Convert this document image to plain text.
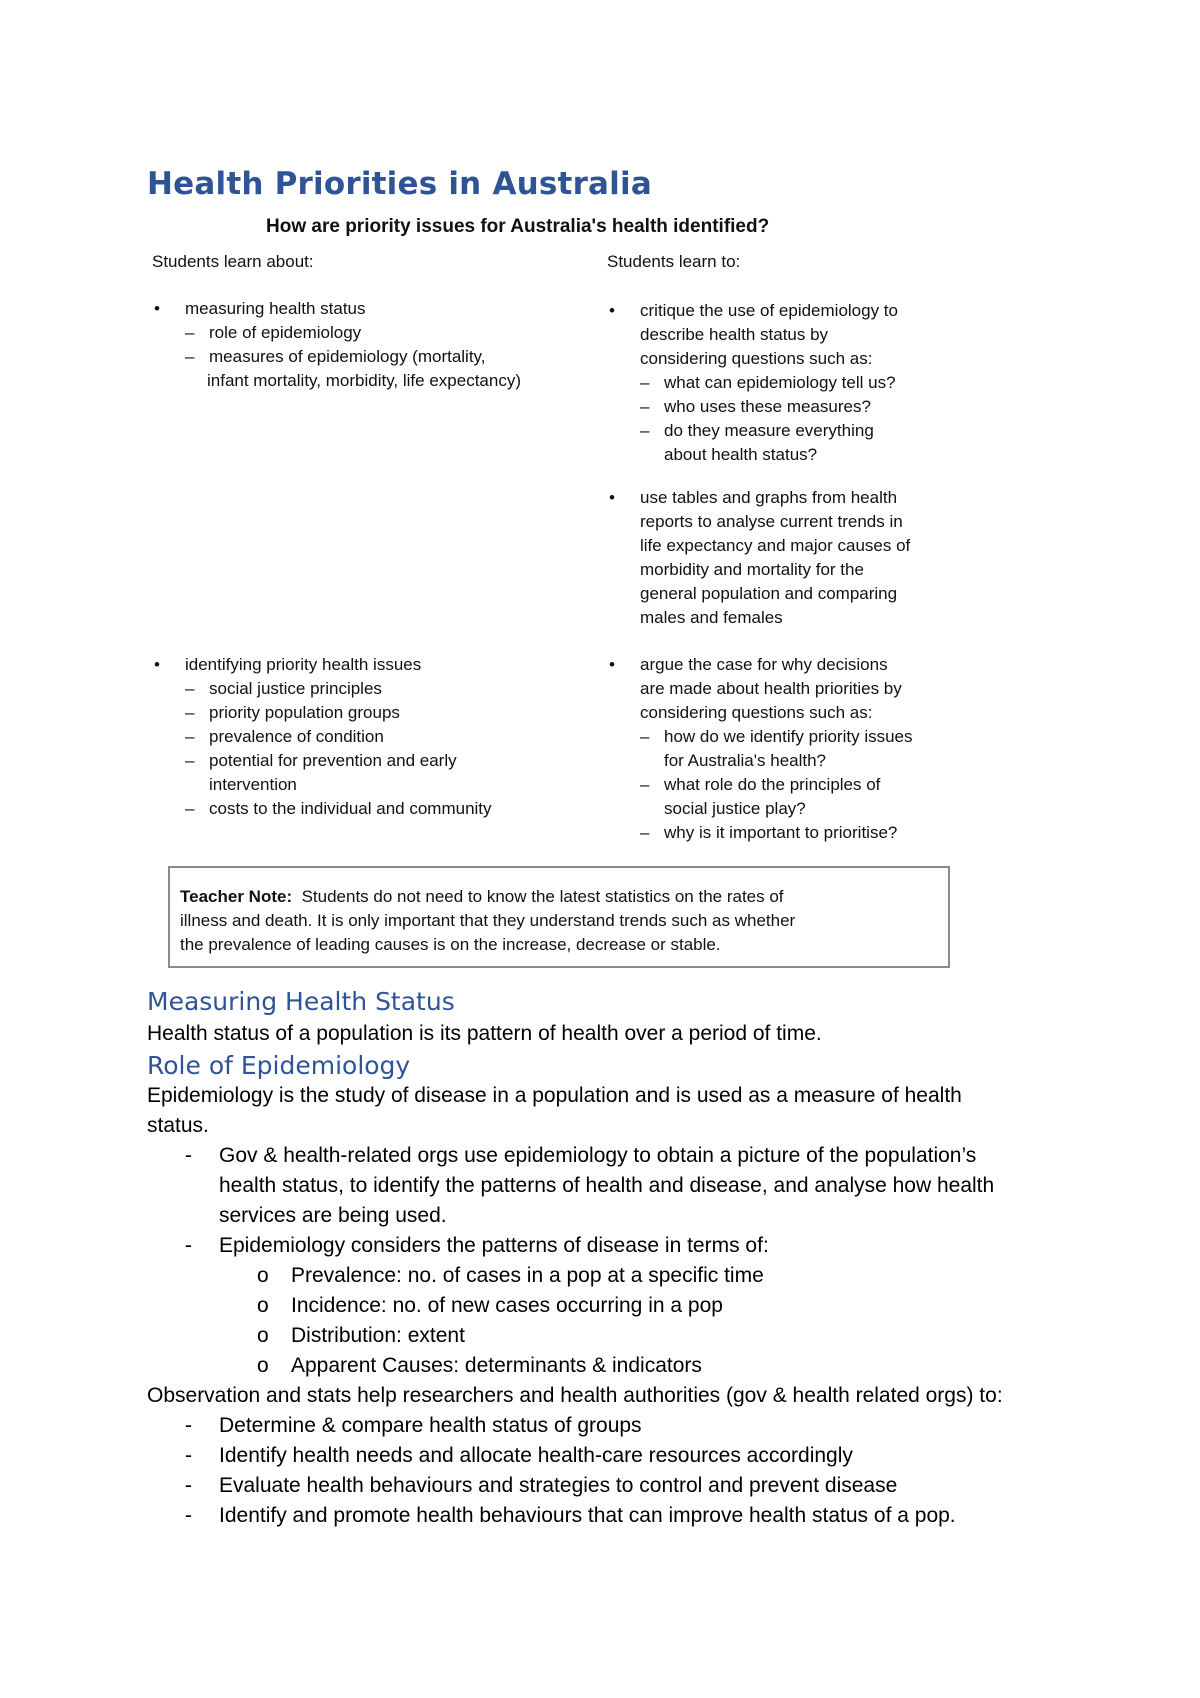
Health Priorities in Australia
How are priority issues for Australia's health identified?
Students learn about:	Students learn to:
• measuring health status
– role of epidemiology
– measures of epidemiology (mortality,
infant mortality, morbidity, life expectancy)
• identifying priority health issues
– social justice principles
– priority population groups
– prevalence of condition
– potential for prevention and early
intervention
– costs to the individual and community
• critique the use of epidemiology to
describe health status by
considering questions such as:
– what can epidemiology tell us?
– who uses these measures?
– do they measure everything
about health status?
• use tables and graphs from health
reports to analyse current trends in
life expectancy and major causes of
morbidity and mortality for the
general population and comparing
males and females
• argue the case for why decisions
are made about health priorities by
considering questions such as:
– how do we identify priority issues
for Australia's health?
– what role do the principles of
social justice play?
– why is it important to prioritise?
Teacher Note: Students do not need to know the latest statistics on the rates of
illness and death. It is only important that they understand trends such as whether
the prevalence of leading causes is on the increase, decrease or stable.
Measuring Health Status
Health status of a population is its pattern of health over a period of time.
Role of Epidemiology
Epidemiology is the study of disease in a population and is used as a measure of health
status.
- Gov & health-related orgs use epidemiology to obtain a picture of the population’s
health status, to identify the patterns of health and disease, and analyse how health
services are being used.
- Epidemiology considers the patterns of disease in terms of:
o Prevalence: no. of cases in a pop at a specific time
o Incidence: no. of new cases occurring in a pop
o Distribution: extent
o Apparent Causes: determinants & indicators
Observation and stats help researchers and health authorities (gov & health related orgs) to:
- Determine & compare health status of groups
- Identify health needs and allocate health-care resources accordingly
- Evaluate health behaviours and strategies to control and prevent disease
- Identify and promote health behaviours that can improve health status of a pop.
